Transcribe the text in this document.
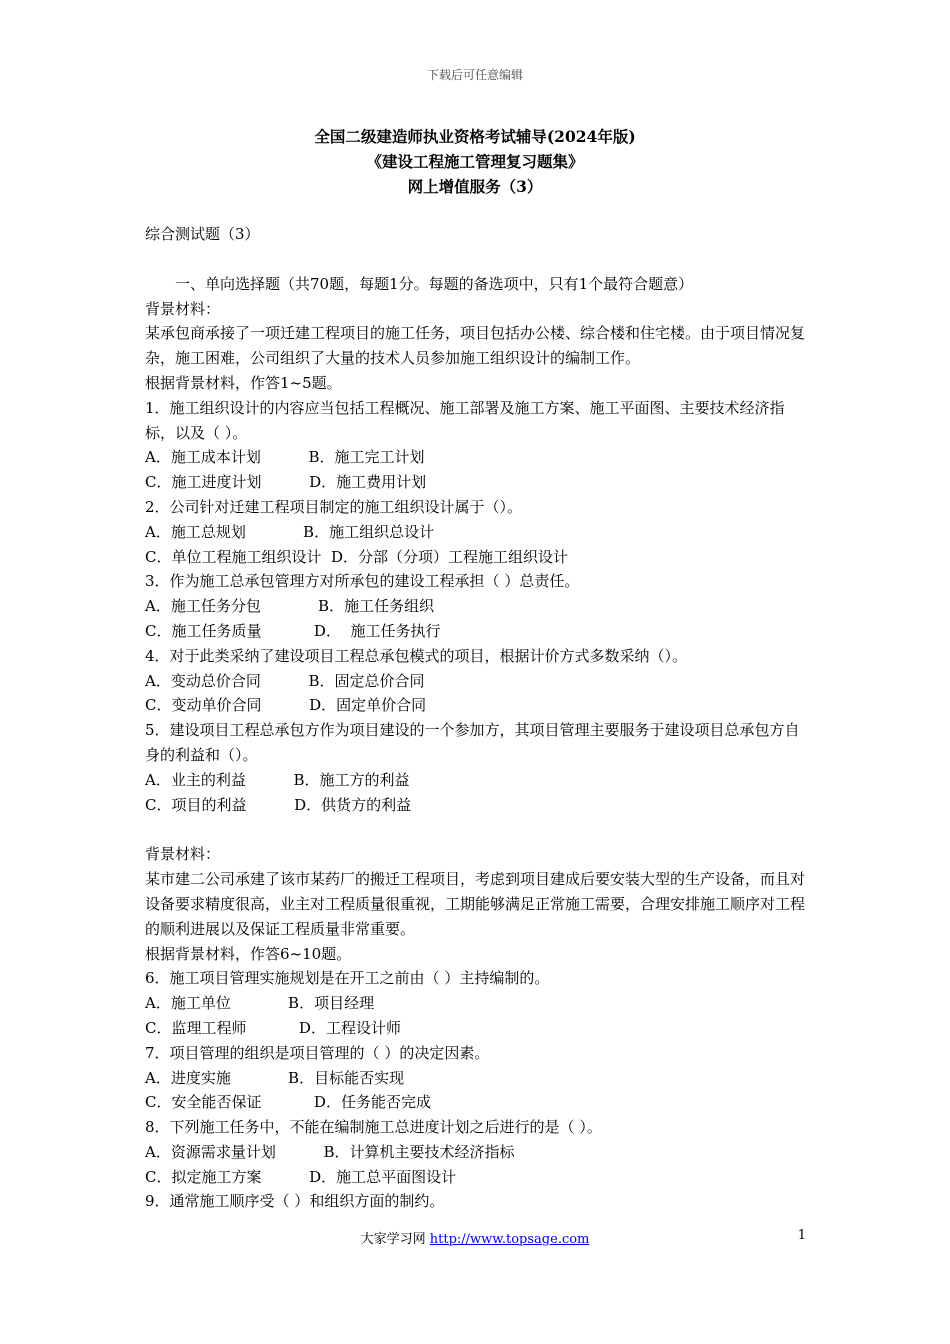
下载后可任意编辑
全国二级建造师执业资格考试辅导(2024年版)
《建设工程施工管理复习题集》
网上增值服务（3）

综合测试题（3）

一、单向选择题（共70题，每题1分。每题的备选项中，只有1个最符合题意）

背景材料：

某承包商承接了一项迁建工程项目的施工任务，项目包括办公楼、综合楼和住宅楼。由于项目情况复杂，施工困难，公司组织了大量的技术人员参加施工组织设计的编制工作。

根据背景材料，作答1~5题。

1．施工组织设计的内容应当包括工程概况、施工部署及施工方案、施工平面图、主要技术经济指标，以及（ ）。

A．施工成本计划          B．施工完工计划

C．施工进度计划          D．施工费用计划

2．公司针对迁建工程项目制定的施工组织设计属于（）。

A．施工总规划            B．施工组织总设计

C．单位工程施工组织设计  D．分部（分项）工程施工组织设计

3．作为施工总承包管理方对所承包的建设工程承担（ ）总责任。

A．施工任务分包            B．施工任务组织

C．施工任务质量           D．  施工任务执行

4．对于此类采纳了建设项目工程总承包模式的项目，根据计价方式多数采纳（）。

A．变动总价合同          B．固定总价合同

C．变动单价合同          D．固定单价合同

5．建设项目工程总承包方作为项目建设的一个参加方，其项目管理主要服务于建设项目总承包方自身的利益和（）。

A．业主的利益          B．施工方的利益

C．项目的利益          D．供货方的利益

背景材料：

某市建二公司承建了该市某药厂的搬迁工程项目，考虑到项目建成后要安装大型的生产设备，而且对设备要求精度很高，业主对工程质量很重视，工期能够满足正常施工需要，合理安排施工顺序对工程的顺利进展以及保证工程质量非常重要。

根据背景材料，作答6~10题。

6．施工项目管理实施规划是在开工之前由（ ）主持编制的。

A．施工单位            B．项目经理

C．监理工程师           D．工程设计师

7．项目管理的组织是项目管理的（ ）的决定因素。

A．进度实施            B．目标能否实现

C．安全能否保证           D．任务能否完成

8．下列施工任务中，不能在编制施工总进度计划之后进行的是（ ）。

A．资源需求量计划          B．计算机主要技术经济指标

C．拟定施工方案          D．施工总平面图设计

9．通常施工顺序受（ ）和组织方面的制约。

大家学习网 http://www.topsage.com	1
